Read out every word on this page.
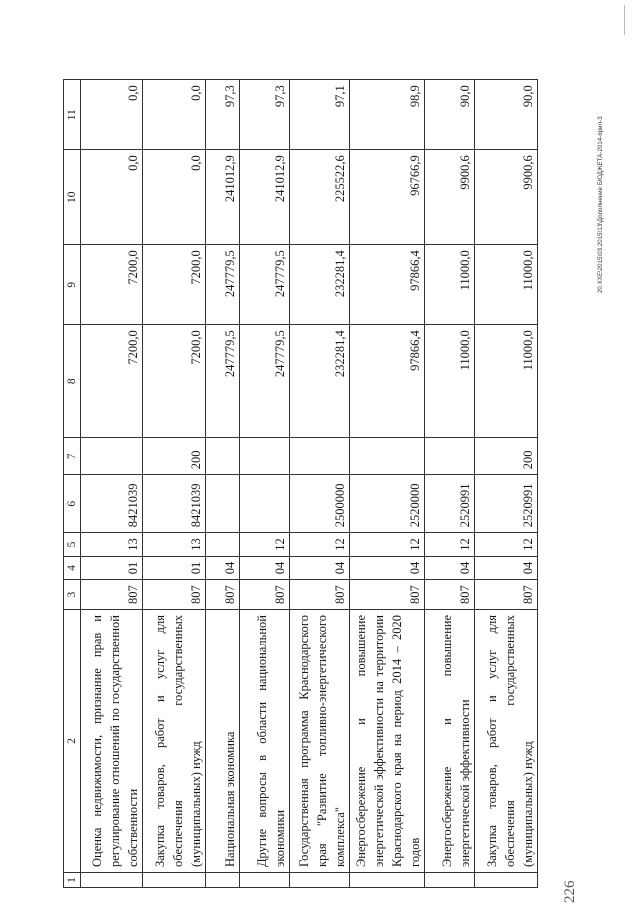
1	2	3	4	5	6	7	8	9	10	11
	Оценка недвижимости, признание прав и регулирование отношений по государственной собственности	807	01	13	8421039		7200,0	7200,0	0,0	0,0
	Закупка товаров, работ и услуг для обеспечения государственных (муниципальных) нужд	807	01	13	8421039	200	7200,0	7200,0	0,0	0,0
	Национальная экономика	807	04				247779,5	247779,5	241012,9	97,3
	Другие вопросы в области национальной экономики	807	04	12			247779,5	247779,5	241012,9	97,3
	Государственная программа Краснодарского края "Развитие топливно-энергетического комплекса"	807	04	12	2500000		232281,4	232281,4	225522,6	97,1
	Энергосбережение и повышение энергетической эффективности на территории Краснодарского края на период 2014 – 2020 годов	807	04	12	2520000		97866,4	97866,4	96766,9	98,9
	Энергосбережение и повышение энергетической эффективности	807	04	12	2520991		11000,0	11000,0	9900,6	90,0
	Закупка товаров, работ и услуг для обеспечения государственных (муниципальных) нужд	807	04	12	2520991	200	11000,0	11000,0	9900,6	90,0
20.XXE\2015\03.2015\13\Дополнение БЮДЖЕТА-2014-прил-3
226
